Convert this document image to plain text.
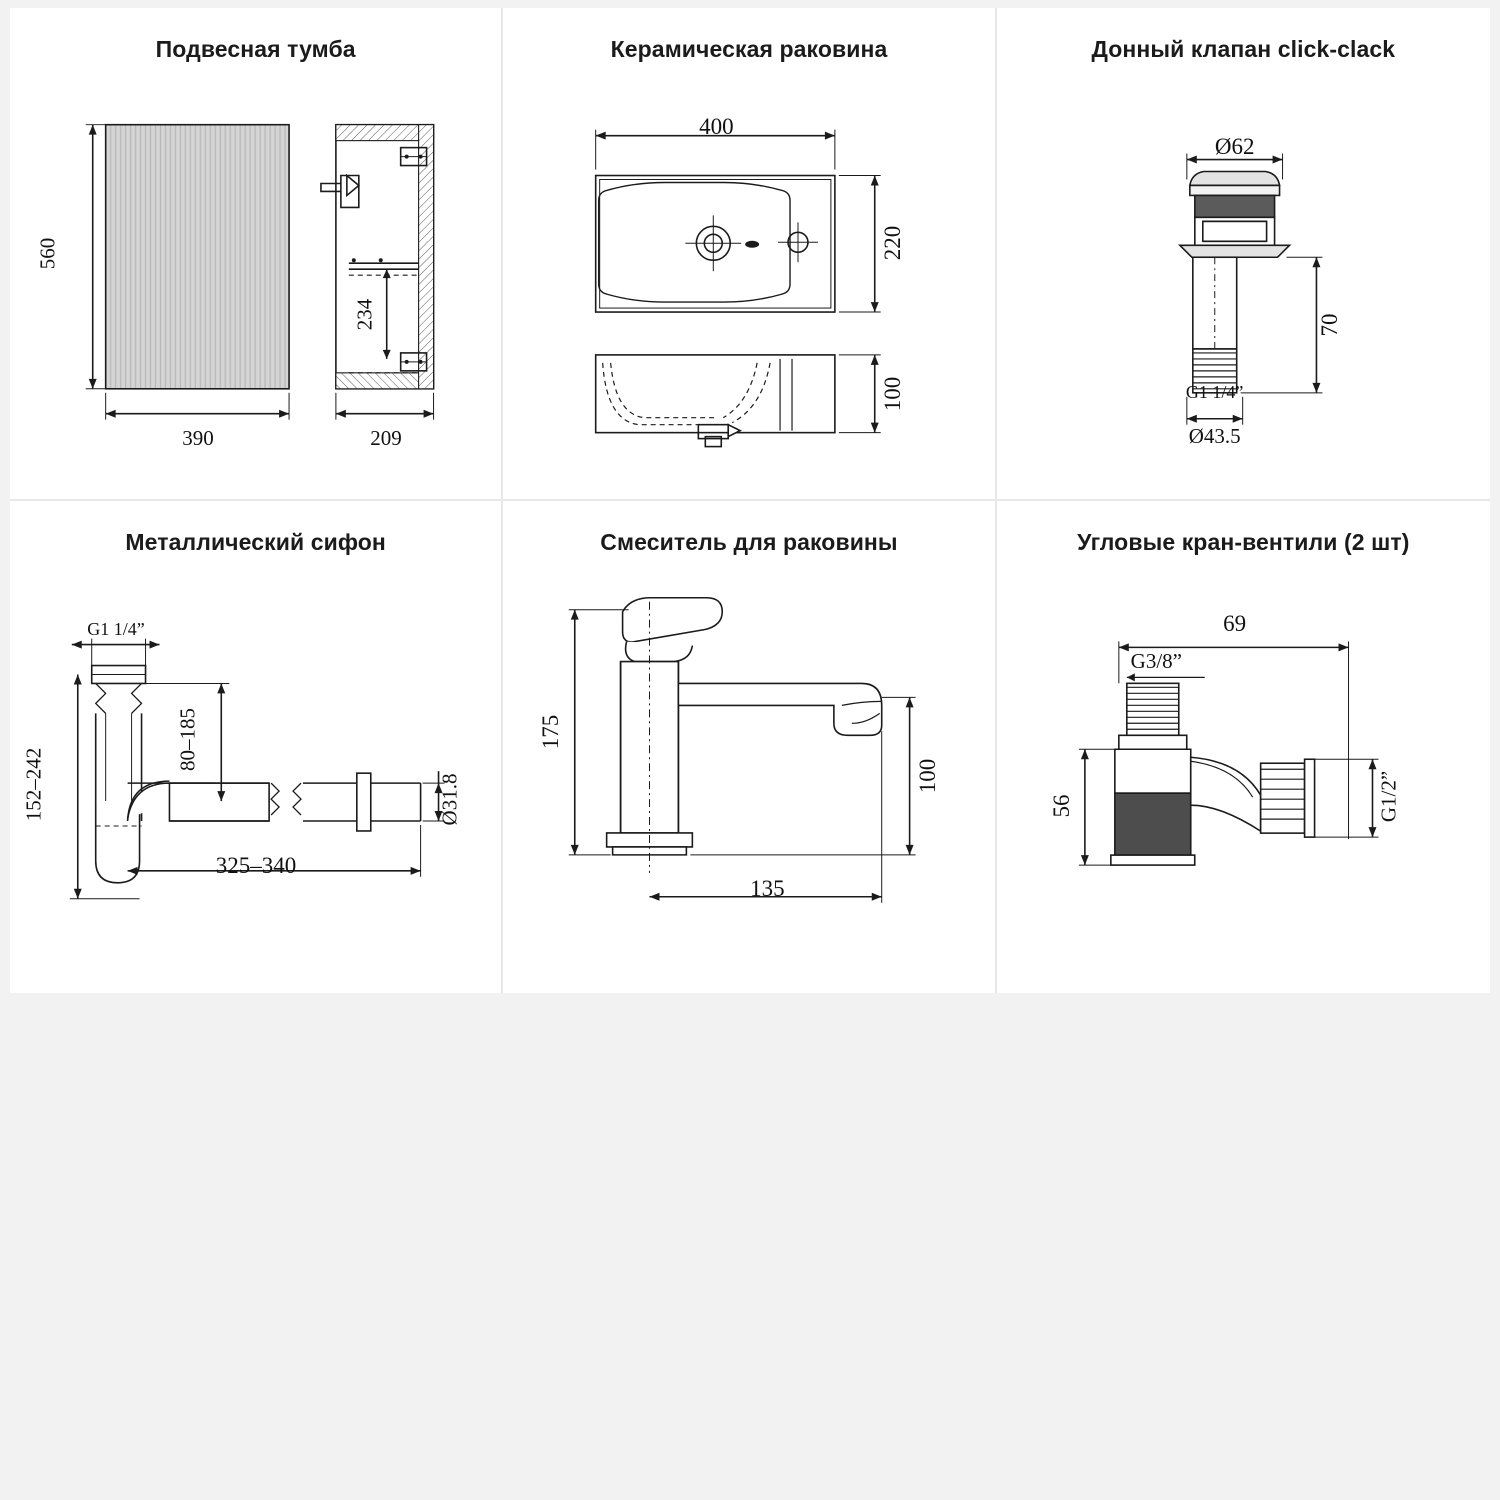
Подвесная тумба
560
390	209
234
Керамическая раковина
400
220
100
Донный клапан click-clack
Ø62
70
G1 1/4”
Ø43.5
Металлический сифон
G1 1/4”
152–242
80–185
Ø31.8
325–340
Смеситель для раковины
175
100
135
Угловые кран-вентили (2 шт)
69
G3/8”
56	G1/2”
